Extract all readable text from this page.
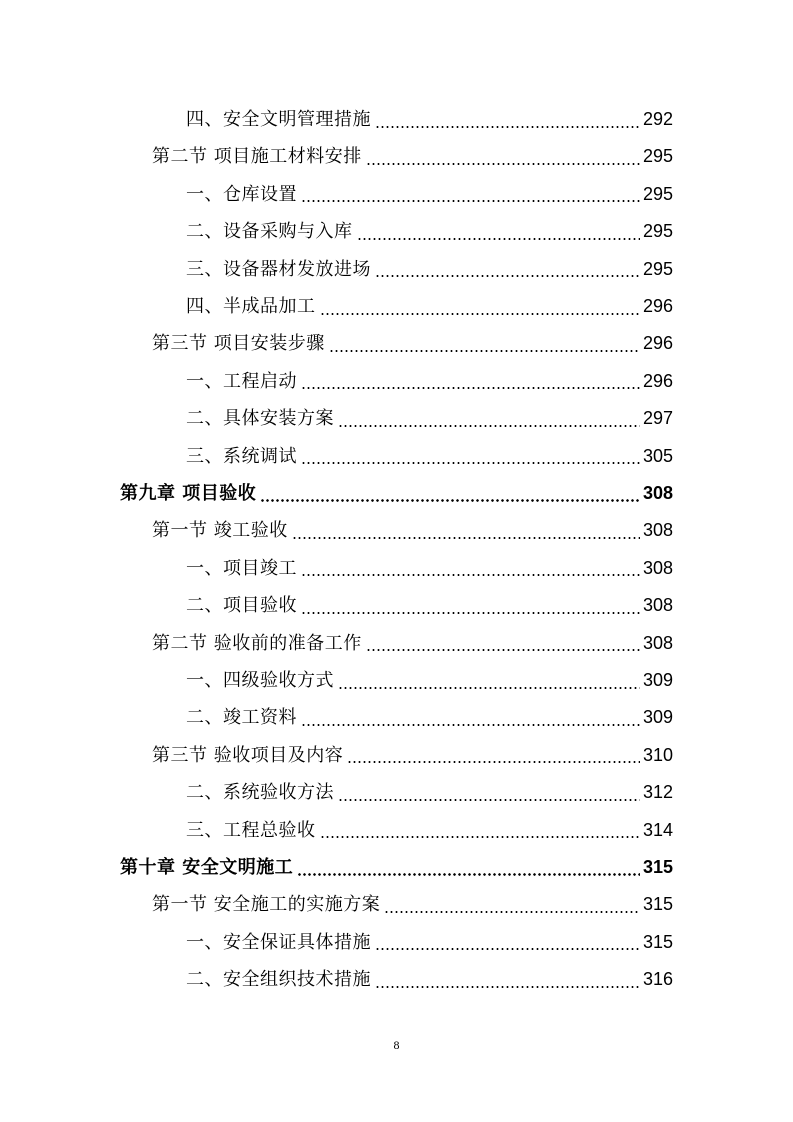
四、安全文明管理措施	292
第二节 项目施工材料安排	295
一、仓库设置	295
二、设备采购与入库	295
三、设备器材发放进场	295
四、半成品加工	296
第三节 项目安装步骤	296
一、工程启动	296
二、具体安装方案	297
三、系统调试	305
第九章 项目验收	308
第一节 竣工验收	308
一、项目竣工	308
二、项目验收	308
第二节 验收前的准备工作	308
一、四级验收方式	309
二、竣工资料	309
第三节 验收项目及内容	310
二、系统验收方法	312
三、工程总验收	314
第十章 安全文明施工	315
第一节 安全施工的实施方案	315
一、安全保证具体措施	315
二、安全组织技术措施	316
8
